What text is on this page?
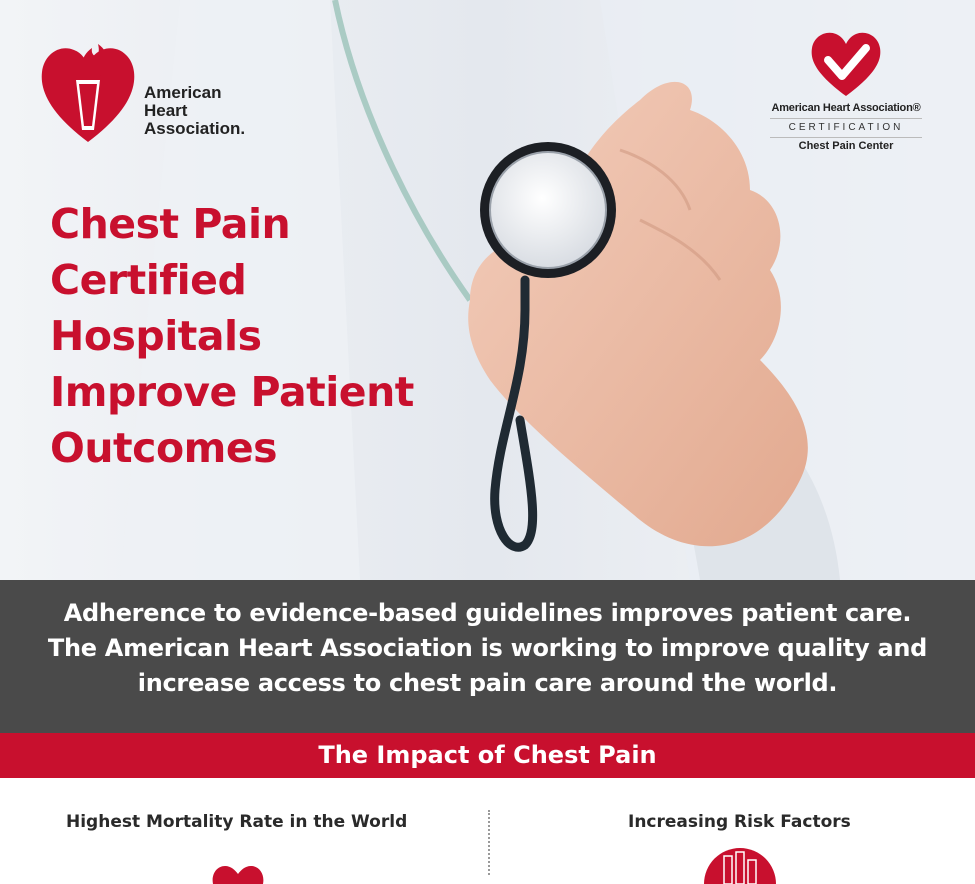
American
Heart
Association.
American Heart Association®
CERTIFICATION
Chest Pain Center
Chest Pain
Certified
Hospitals
Improve Patient
Outcomes

Adherence to evidence-based guidelines improves patient care.
The American Heart Association is working to improve quality and
increase access to chest pain care around the world.

The Impact of Chest Pain
Highest Mortality Rate in the World	Increasing Risk Factors
